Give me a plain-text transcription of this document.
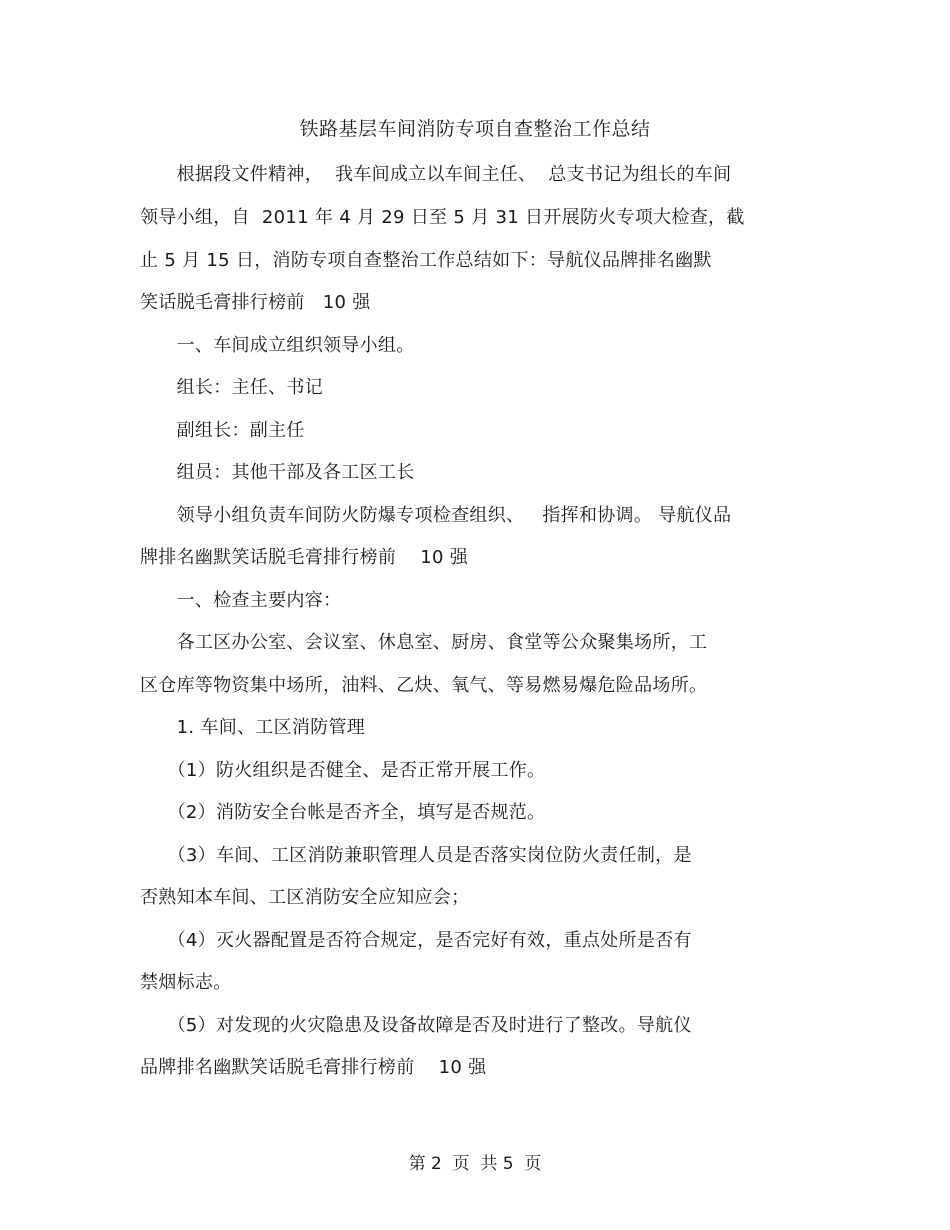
铁路基层车间消防专项自查整治工作总结
　　根据段文件精神，  我车间成立以车间主任、  总支书记为组长的车间
领导小组，自  2011 年 4 月 29 日至 5 月 31 日开展防火专项大检查，截
止 5 月 15 日，消防专项自查整治工作总结如下：导航仪品牌排名幽默
笑话脱毛膏排行榜前   10 强
　　一、车间成立组织领导小组。
　　组长：主任、书记
　　副组长：副主任
　　组员：其他干部及各工区工长
　　领导小组负责车间防火防爆专项检查组织、   指挥和协调。 导航仪品
牌排名幽默笑话脱毛膏排行榜前    10 强
　　一、检查主要内容：
　　各工区办公室、会议室、休息室、厨房、食堂等公众聚集场所，工
区仓库等物资集中场所，油料、乙炔、氧气、等易燃易爆危险品场所。
　　1. 车间、工区消防管理
　　（1）防火组织是否健全、是否正常开展工作。
　　（2）消防安全台帐是否齐全，填写是否规范。
　　（3）车间、工区消防兼职管理人员是否落实岗位防火责任制，是
否熟知本车间、工区消防安全应知应会；
　　（4）灭火器配置是否符合规定，是否完好有效，重点处所是否有
禁烟标志。
　　（5）对发现的火灾隐患及设备故障是否及时进行了整改。导航仪
品牌排名幽默笑话脱毛膏排行榜前    10 强
第 2  页  共 5  页
